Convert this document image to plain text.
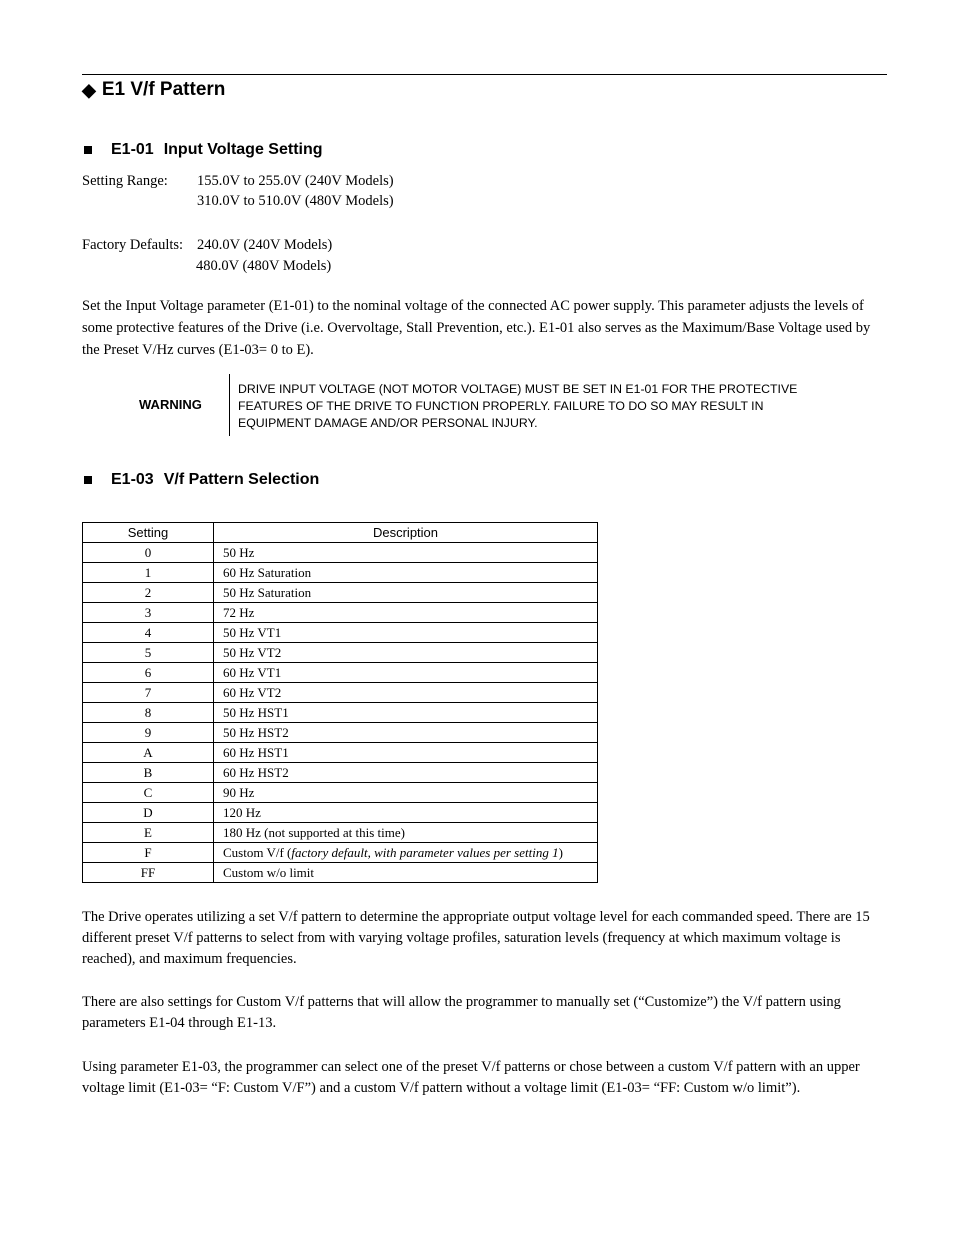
◆ E1 V/f Pattern
E1-01 Input Voltage Setting
Setting Range: 155.0V to 255.0V (240V Models)
310.0V to 510.0V (480V Models)
Factory Defaults: 240.0V (240V Models)
480.0V (480V Models)
Set the Input Voltage parameter (E1-01) to the nominal voltage of the connected AC power supply. This parameter adjusts the levels of some protective features of the Drive (i.e. Overvoltage, Stall Prevention, etc.). E1-01 also serves as the Maximum/Base Voltage used by the Preset V/Hz curves (E1-03= 0 to E).
WARNING
DRIVE INPUT VOLTAGE (NOT MOTOR VOLTAGE) MUST BE SET IN E1-01 FOR THE PROTECTIVE
FEATURES OF THE DRIVE TO FUNCTION PROPERLY. FAILURE TO DO SO MAY RESULT IN
EQUIPMENT DAMAGE AND/OR PERSONAL INJURY.
E1-03 V/f Pattern Selection
Setting	Description
0	50 Hz
1	60 Hz Saturation
2	50 Hz Saturation
3	72 Hz
4	50 Hz VT1
5	50 Hz VT2
6	60 Hz VT1
7	60 Hz VT2
8	50 Hz HST1
9	50 Hz HST2
A	60 Hz HST1
B	60 Hz HST2
C	90 Hz
D	120 Hz
E	180 Hz (not supported at this time)
F	Custom V/f (factory default, with parameter values per setting 1)
FF	Custom w/o limit
The Drive operates utilizing a set V/f pattern to determine the appropriate output voltage level for each commanded speed. There are 15 different preset V/f patterns to select from with varying voltage profiles, saturation levels (frequency at which maximum voltage is reached), and maximum frequencies.
There are also settings for Custom V/f patterns that will allow the programmer to manually set (“Customize”) the V/f pattern using parameters E1-04 through E1-13.
Using parameter E1-03, the programmer can select one of the preset V/f patterns or chose between a custom V/f pattern with an upper voltage limit (E1-03= “F: Custom V/F”) and a custom V/f pattern without a voltage limit (E1-03= “FF: Custom w/o limit”).
